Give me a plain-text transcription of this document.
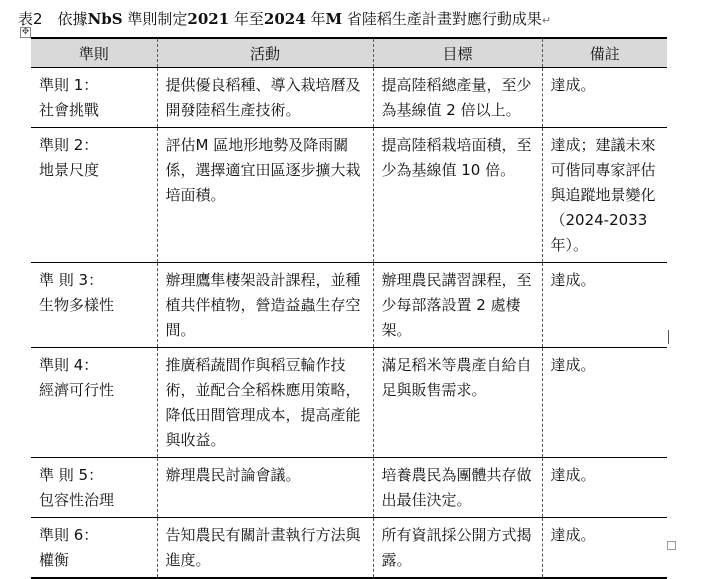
表2　依據NbS 準則制定2021 年至2024 年M 省陸稻生產計畫對應行動成果↵
✥
準則	活動	目標	備註
準則 1：
社會挑戰	提供優良稻種、導入栽培曆及開發陸稻生產技術。	提高陸稻總產量，至少為基線值 2 倍以上。	達成。
準則 2：
地景尺度	評估M 區地形地勢及降雨關係，選擇適宜田區逐步擴大栽培面積。	提高陸稻栽培面積，至少為基線值 10 倍。	達成；建議未來可偕同專家評估與追蹤地景變化（2024-2033 年）。
準 則 3：
生物多樣性	辦理鷹隼棲架設計課程，並種植共伴植物，營造益蟲生存空間。	辦理農民講習課程，至少每部落設置 2 處棲架。	達成。
準則 4：
經濟可行性	推廣稻蔬間作與稻豆輪作技術，並配合全稻株應用策略，降低田間管理成本，提高產能與收益。	滿足稻米等農產自給自足與販售需求。	達成。
準 則 5：
包容性治理	辦理農民討論會議。	培養農民為團體共存做出最佳決定。	達成。
準則 6：
權衡	告知農民有關計畫執行方法與進度。	所有資訊採公開方式揭露。	達成。
